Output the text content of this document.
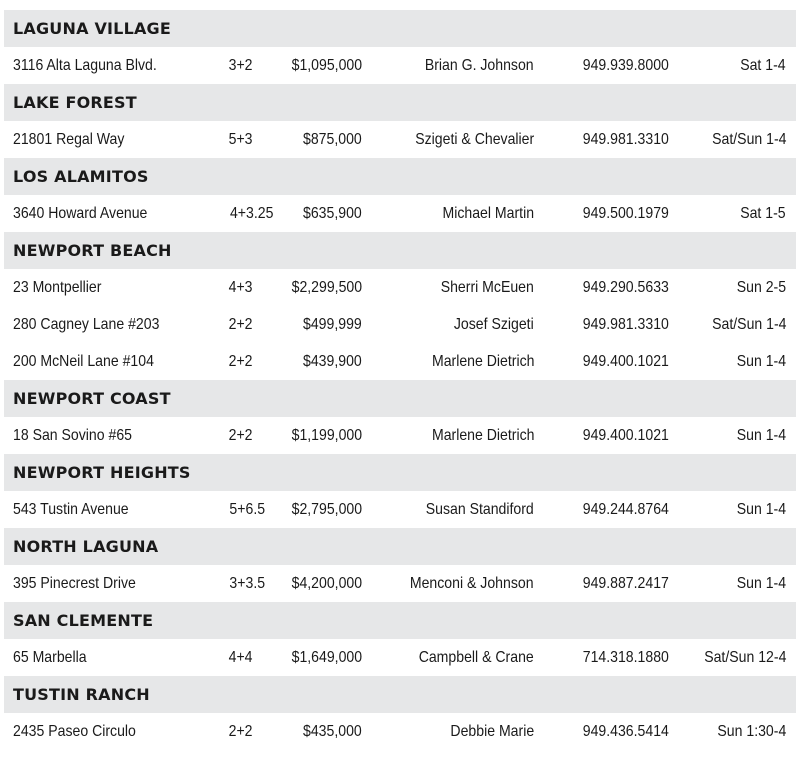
LAGUNA VILLAGE
3116 Alta Laguna Blvd.	3+2 $1,095,000	Brian G. Johnson	949.939.8000	Sat 1-4
LAKE FOREST
21801 Regal Way	5+3	$875,000	Szigeti & Chevalier	949.981.3310	Sat/Sun 1-4
LOS ALAMITOS
3640 Howard Avenue	4+3.25 $635,900	Michael Martin	949.500.1979	Sat 1-5
NEWPORT BEACH
23 Montpellier	4+3 $2,299,500	Sherri McEuen	949.290.5633	Sun 2-5
280 Cagney Lane #203	2+2	$499,999	Josef Szigeti	949.981.3310	Sat/Sun 1-4
200 McNeil Lane #104	2+2	$439,900	Marlene Dietrich	949.400.1021	Sun 1-4
NEWPORT COAST
18 San Sovino #65	2+2 $1,199,000	Marlene Dietrich	949.400.1021	Sun 1-4
NEWPORT HEIGHTS
543 Tustin Avenue	5+6.5 $2,795,000	Susan Standiford	949.244.8764	Sun 1-4
NORTH LAGUNA
395 Pinecrest Drive	3+3.5 $4,200,000	Menconi & Johnson	949.887.2417	Sun 1-4
SAN CLEMENTE
65 Marbella	4+4 $1,649,000	Campbell & Crane	714.318.1880 Sat/Sun 12-4
TUSTIN RANCH
2435 Paseo Circulo	2+2	$435,000	Debbie Marie	949.436.5414	Sun 1:30-4
